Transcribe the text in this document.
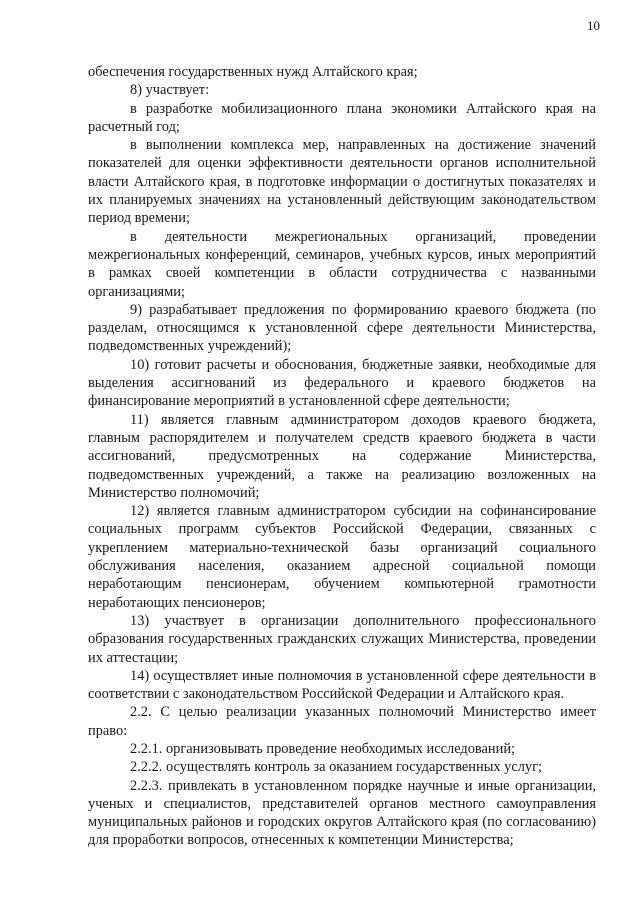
10

обеспечения государственных нужд Алтайского края;

8) участвует:

в разработке мобилизационного плана экономики Алтайского края на расчетный год;

в выполнении комплекса мер, направленных на достижение значений показателей для оценки эффективности деятельности органов исполнительной власти Алтайского края, в подготовке информации о достигнутых показателях и их планируемых значениях на установленный действующим законодательством период времени;

в деятельности межрегиональных организаций, проведении межрегиональных конференций, семинаров, учебных курсов, иных мероприятий в рамках своей компетенции в области сотрудничества с названными организациями;

9) разрабатывает предложения по формированию краевого бюджета (по разделам, относящимся к установленной сфере деятельности Министерства, подведомственных учреждений);

10) готовит расчеты и обоснования, бюджетные заявки, необходимые для выделения ассигнований из федерального и краевого бюджетов на финансирование мероприятий в установленной сфере деятельности;

11) является главным администратором доходов краевого бюджета, главным распорядителем и получателем средств краевого бюджета в части ассигнований, предусмотренных на содержание Министерства, подведомственных учреждений, а также на реализацию возложенных на Министерство полномочий;

12) является главным администратором субсидии на софинансирование социальных программ субъектов Российской Федерации, связанных с укреплением материально-технической базы организаций социального обслуживания населения, оказанием адресной социальной помощи неработающим пенсионерам, обучением компьютерной грамотности неработающих пенсионеров;

13) участвует в организации дополнительного профессионального образования государственных гражданских служащих Министерства, проведении их аттестации;

14) осуществляет иные полномочия в установленной сфере деятельности в соответствии с законодательством Российской Федерации и Алтайского края.

2.2. С целью реализации указанных полномочий Министерство имеет право:

2.2.1. организовывать проведение необходимых исследований;

2.2.2. осуществлять контроль за оказанием государственных услуг;

2.2.3. привлекать в установленном порядке научные и иные организации, ученых и специалистов, представителей органов местного самоуправления муниципальных районов и городских округов Алтайского края (по согласованию) для проработки вопросов, отнесенных к компетенции Министерства;
